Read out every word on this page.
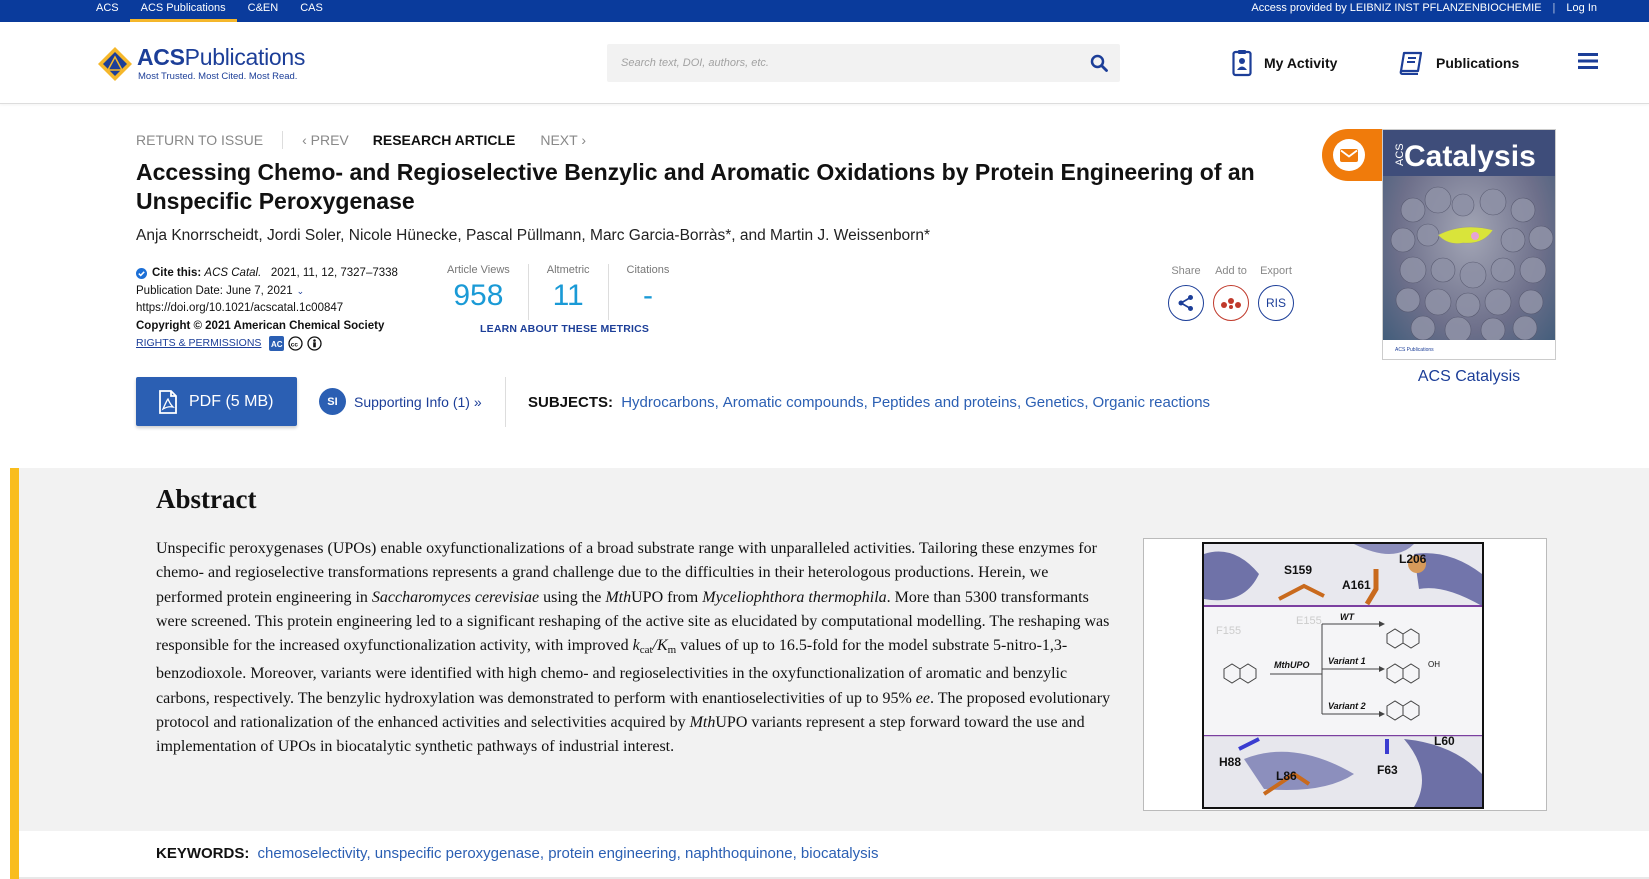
ACS	ACS Publications	C&EN	CAS	Access provided by LEIBNIZ INST PFLANZENBIOCHEMIE | Log In
ACSPublications
Most Trusted. Most Cited. Most Read.
Search text, DOI, authors, etc.
My Activity	Publications
RETURN TO ISSUE	‹ PREV RESEARCH ARTICLE NEXT ›
Accessing Chemo- and Regioselective Benzylic and Aromatic Oxidations by Protein Engineering of an Unspecific Peroxygenase
Anja Knorrscheidt, Jordi Soler, Nicole Hünecke, Pascal Püllmann, Marc Garcia-Borràs*, and Martin J. Weissenborn*
Cite this:
ACS Catal.
2021, 11, 12, 7327–7338
Publication Date: June 7, 2021 ⌄
https://doi.org/10.1021/acscatal.1c00847
Copyright © 2021 American Chemical Society
RIGHTS & PERMISSIONS AC cc
Article Views
958
Altmetric
11
Citations
-
LEARN ABOUT THESE METRICS
Share	Add to Export
RIS
ACS
Catalysis
ACS Publications
ACS Catalysis
PDF (5 MB)	SI	Supporting Info (1) »	SUBJECTS: Hydrocarbons, Aromatic compounds, Peptides and proteins, Genetics, Organic reactions
Abstract

Unspecific peroxygenases (UPOs) enable oxyfunctionalizations of a broad substrate range with unparalleled activities. Tailoring these enzymes for chemo- and regioselective transformations represents a grand challenge due to the difficulties in their heterologous productions. Herein, we performed protein engineering in Saccharomyces cerevisiae using the MthUPO from Myceliophthora thermophila. More than 5300 transformants were screened. This protein engineering led to a significant reshaping of the active site as elucidated by computational modelling. The reshaping was responsible for the increased oxyfunctionalization activity, with improved $k_{cat}/K_m$ values of up to 16.5-fold for the model substrate 5-nitro-1,3-benzodioxole. Moreover, variants were identified with high chemo- and regioselectivities in the oxyfunctionalization of aromatic and benzylic carbons, respectively. The benzylic hydroxylation was demonstrated to perform with enantioselectivities of up to 95% ee. The proposed evolutionary protocol and rationalization of the enhanced activities and selectivities acquired by MthUPO variants represent a step forward toward the use and implementation of UPOs in biocatalytic synthetic pathways of industrial interest.

S159
A161
L206
F155
E155
MthUPO
WT
Variant 1
Variant 2
OH
L60
H88
L86	F63
KEYWORDS: chemoselectivity, unspecific peroxygenase, protein engineering, naphthoquinone, biocatalysis
